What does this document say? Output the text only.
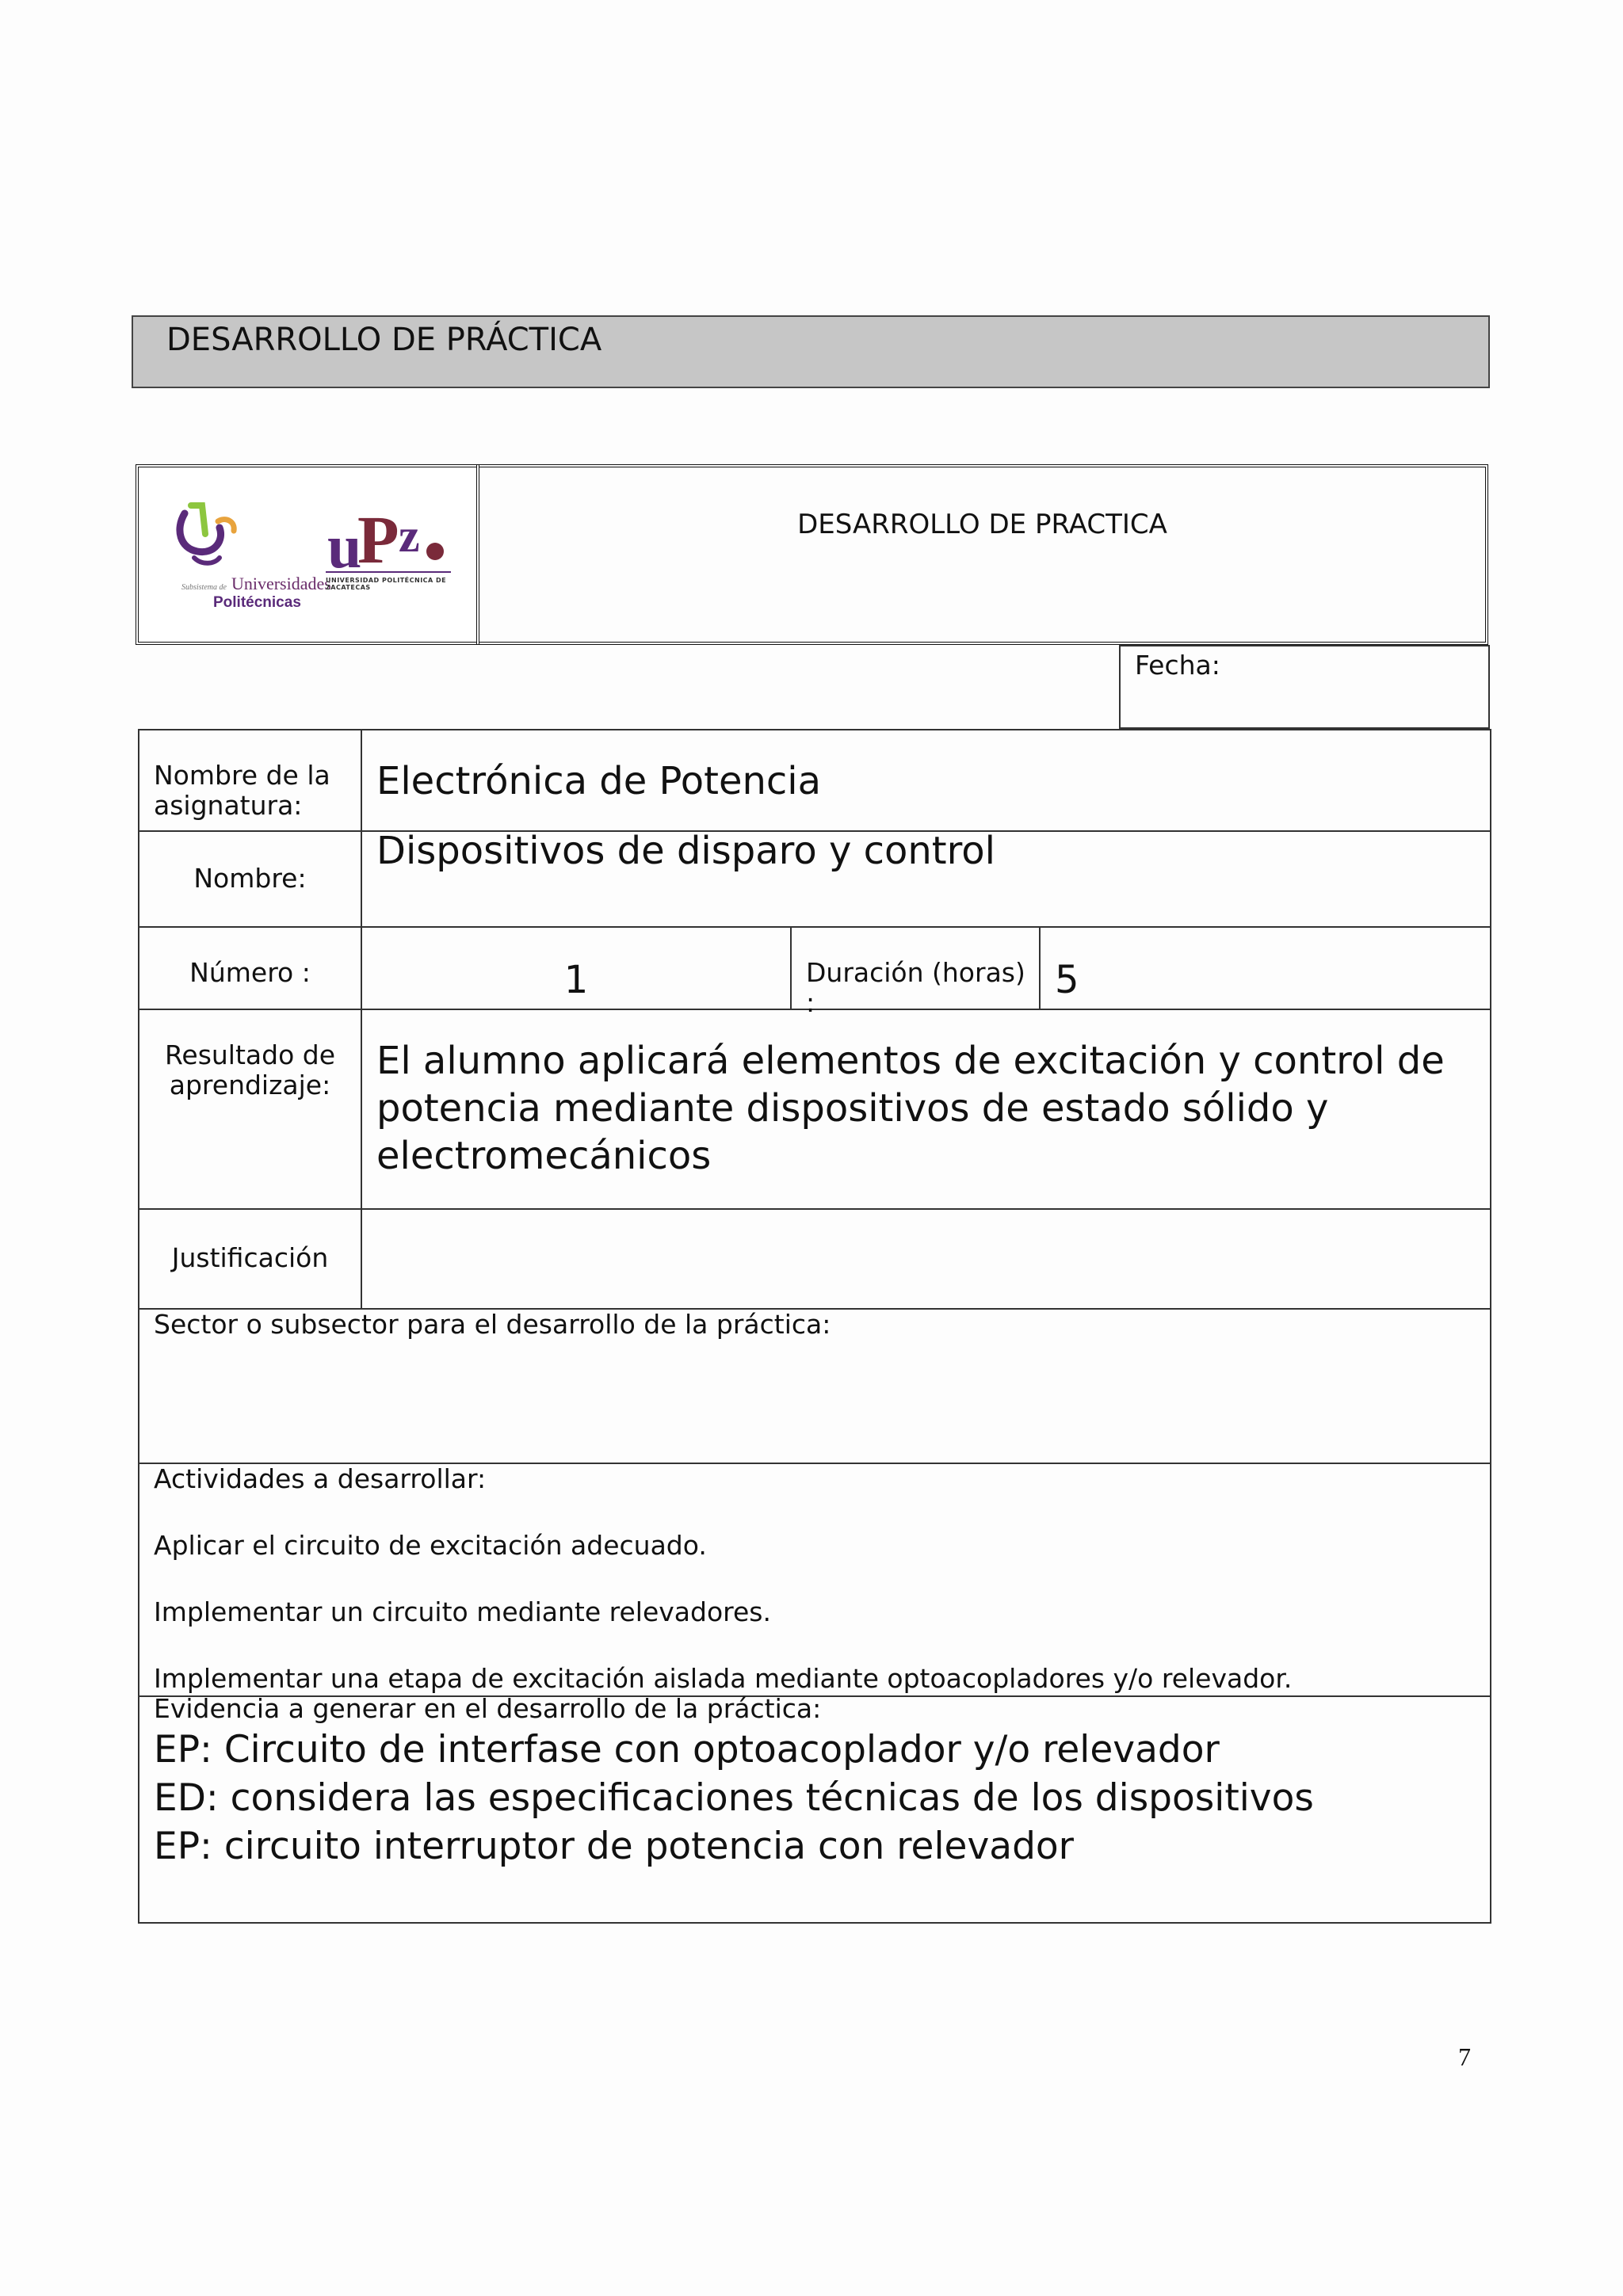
DESARROLLO DE PRÁCTICA
Subsistema de Universidades
Politécnicas
u
P z
UNIVERSIDAD POLITÉCNICA DE ZACATECAS
DESARROLLO DE PRACTICA
Fecha:
Nombre de la asignatura:	Electrónica de Potencia		

Nombre:	Dispositivos de disparo y control		

Número :	1	Duración (horas) :	5

Resultado de aprendizaje:	El alumno aplicará elementos de excitación y control de potencia mediante dispositivos de estado sólido y electromecánicos		

Justificación			

Sector o subsector para el desarrollo de la práctica:			

Actividades a desarrollar:
Aplicar el circuito de excitación adecuado.
Implementar un circuito mediante relevadores.
Implementar una etapa de excitación aislada mediante optoacopladores y/o relevador.			

Evidencia a generar en el desarrollo de la práctica:
EP: Circuito de interfase con optoacoplador y/o relevador
ED: considera las especificaciones técnicas de los dispositivos
EP: circuito interruptor de potencia con relevador			
7
